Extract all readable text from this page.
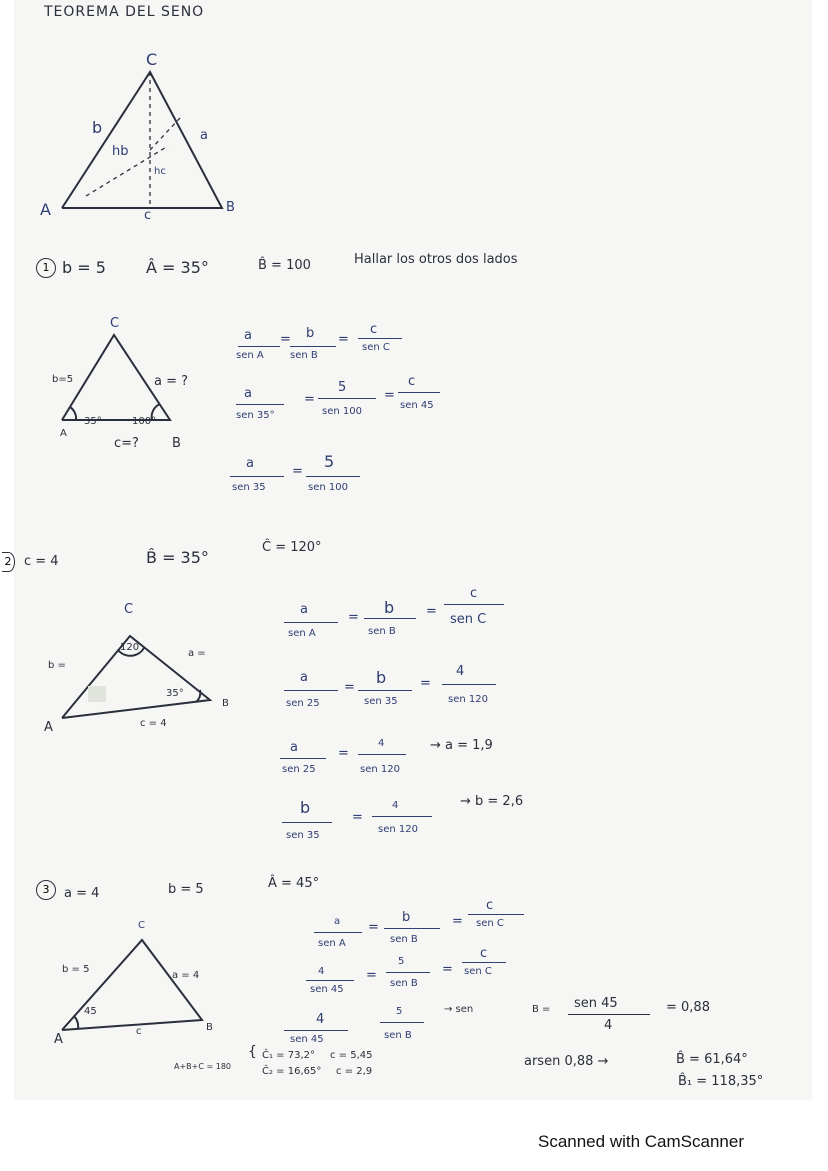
TEOREMA DEL SENO
C
A	B
b	a
c
hb
hc
1 b = 5	Â = 35°	B̂ = 100	Hallar los otros dos lados
C
b=5	a = ?
35°	100°
A
c=?	B
a
sen A
= b
sen B
=
c
sen C
a
sen 35°
=
5
sen 100
=
c
sen 45
a
sen 35
=
5
sen 100
2 c = 4	B̂ = 35°
Ĉ = 120°
C
120
b =
a =
35°
B
A	c = 4
a
sen A
=
b
sen B
=
c
sen C
a
sen 25
=
b
sen 35
=
4
sen 120
a
sen 25
=
4
sen 120
→ a = 1,9
b
sen 35
=
4
sen 120
→ b = 2,6
3	a = 4	b = 5	Â = 45°
C
b = 5
a = 4
45
c	B
A
A+B+C = 180
a
sen A
=
b
sen B
=
c
sen C
4
sen 45
=
5
sen B
=
c
sen C
4
sen 45
5
sen B
→ sen	B = sen 45
4
= 0,88
{ Ĉ₁ = 73,2° c = 5,45
Ĉ₂ = 16,65° c = 2,9
arsen 0,88 →	B̂ = 61,64°
B̂₁ = 118,35°
Scanned with CamScanner
